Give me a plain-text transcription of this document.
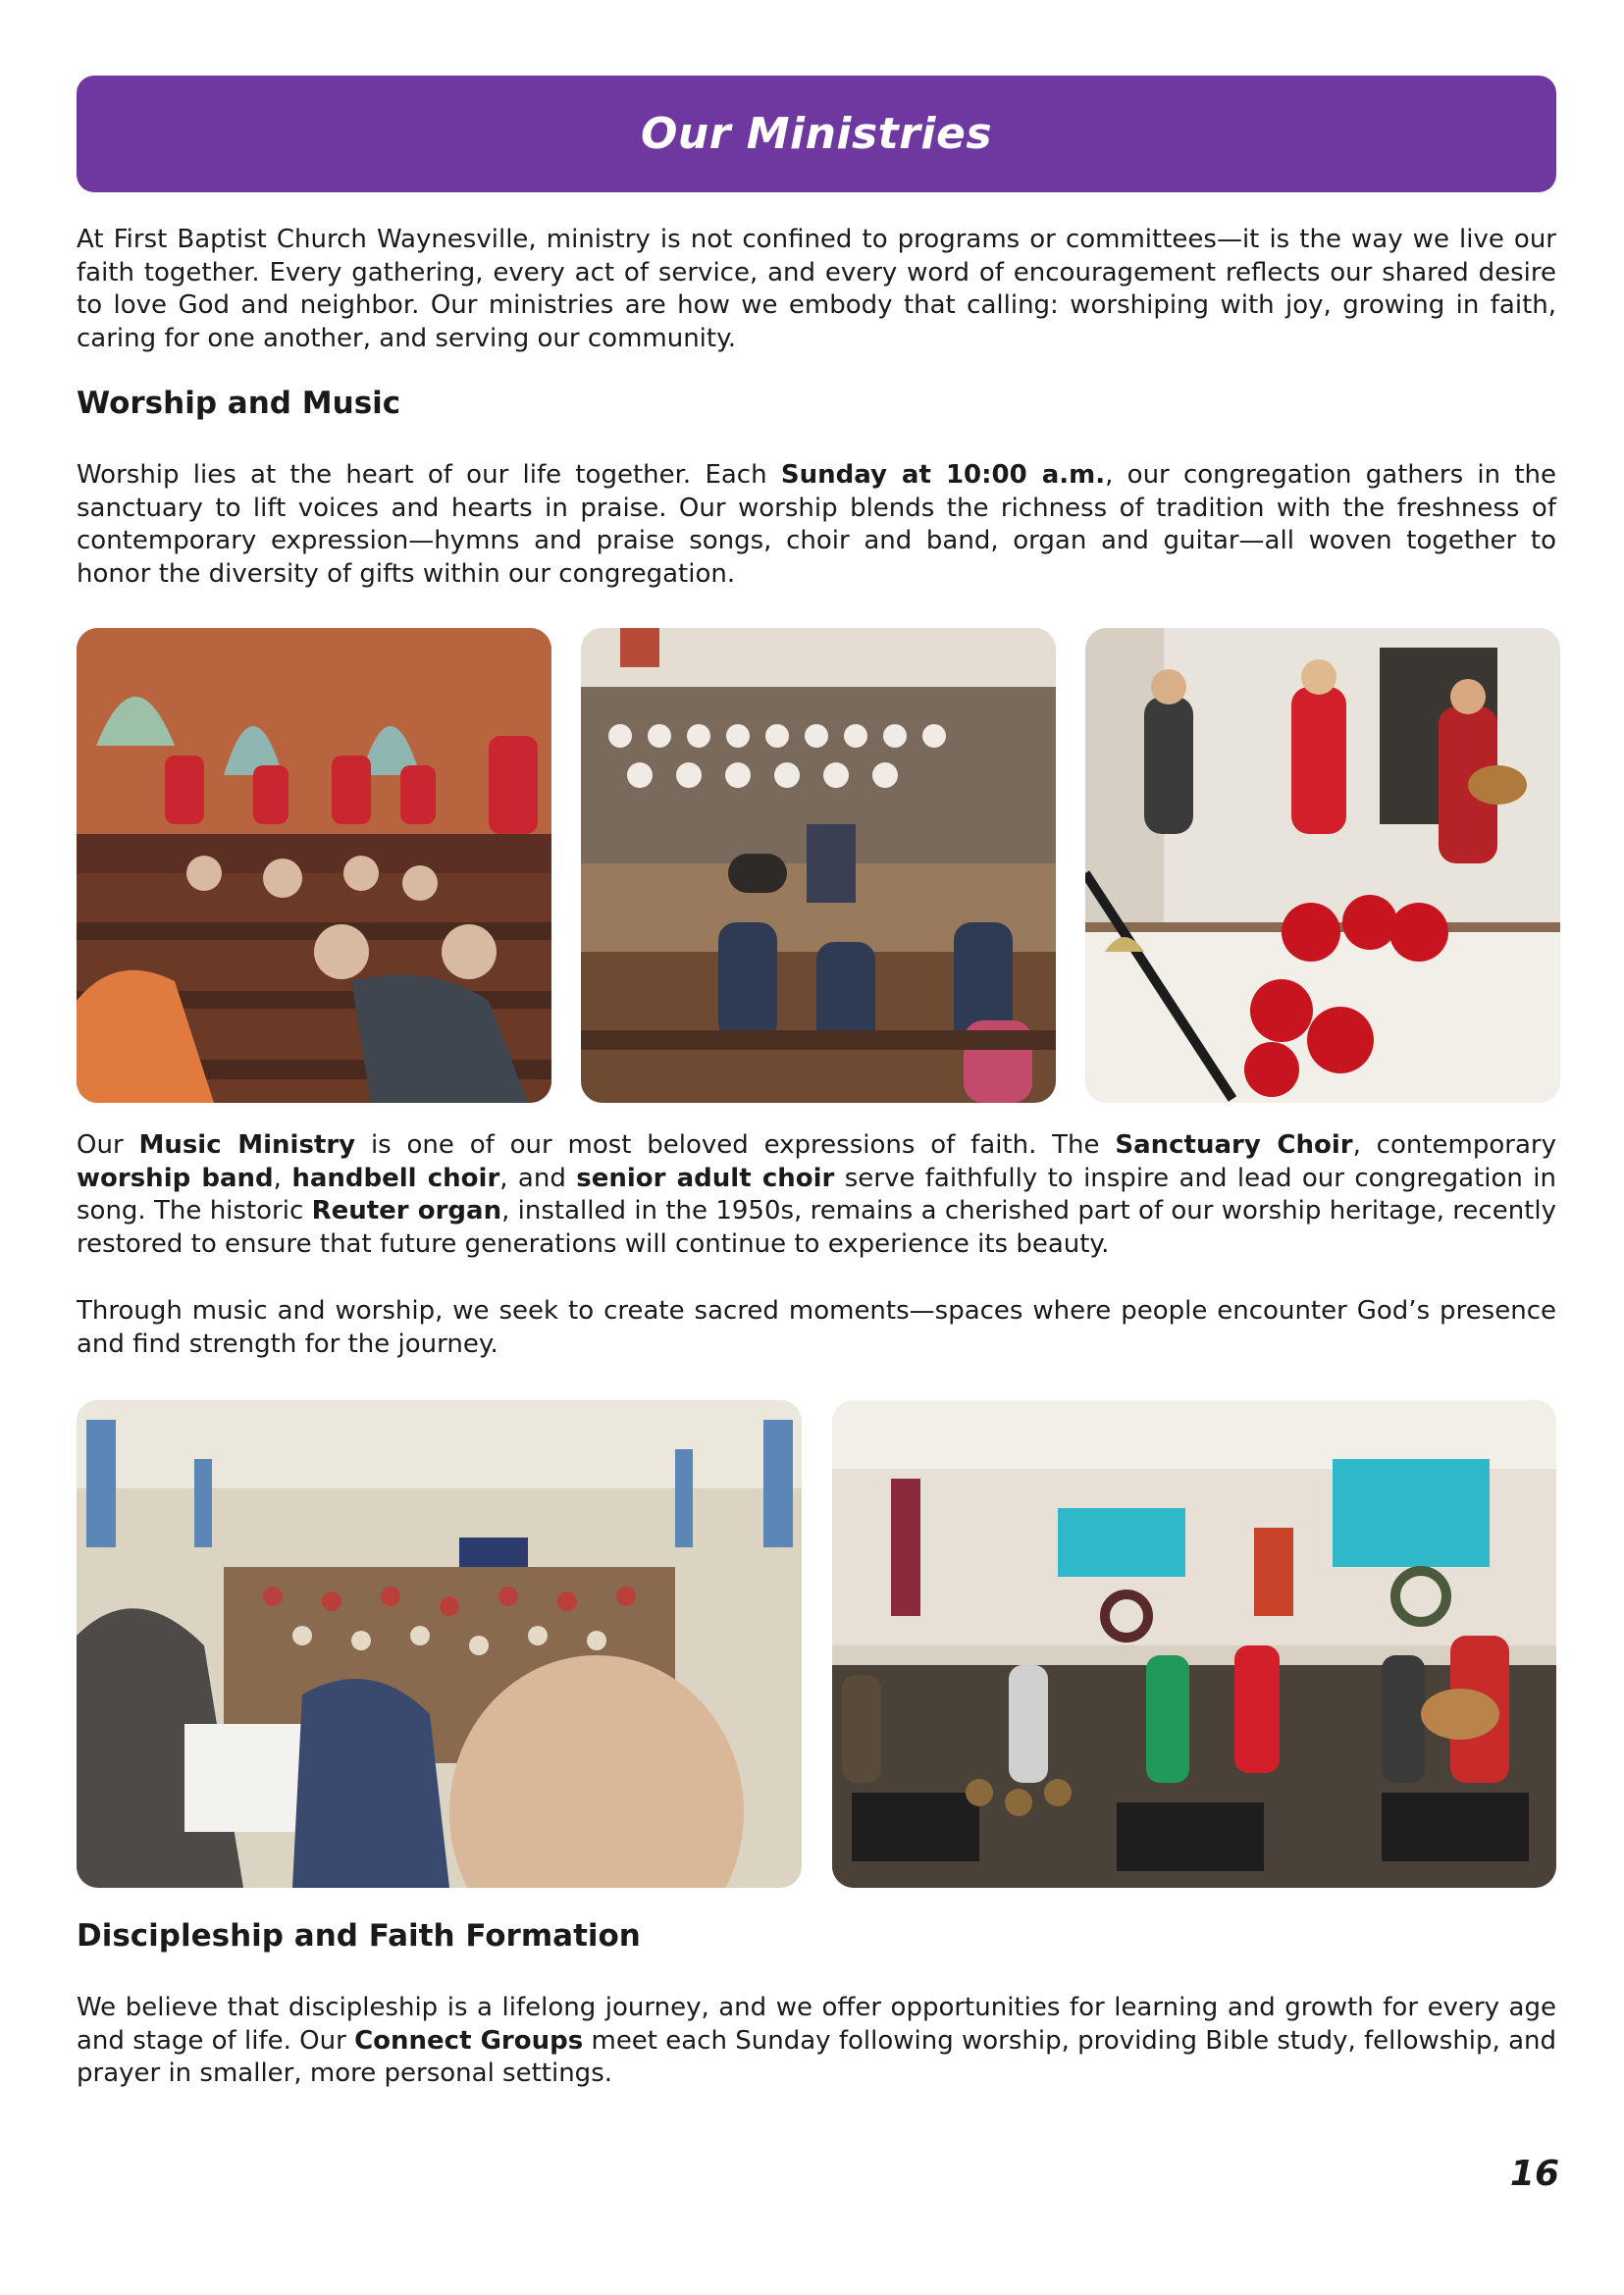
Our Ministries

At First Baptist Church Waynesville, ministry is not confined to programs or committees—it is the way we live our faith together. Every gathering, every act of service, and every word of encouragement reflects our shared desire to love God and neighbor. Our ministries are how we embody that calling: worshiping with joy, growing in faith, caring for one another, and serving our community.

Worship and Music

Worship lies at the heart of our life together. Each Sunday at 10:00 a.m., our congregation gathers in the sanctuary to lift voices and hearts in praise. Our worship blends the richness of tradition with the freshness of contemporary expression—hymns and praise songs, choir and band, organ and guitar—all woven together to honor the diversity of gifts within our congregation.

Our Music Ministry is one of our most beloved expressions of faith. The Sanctuary Choir, contemporary worship band, handbell choir, and senior adult choir serve faithfully to inspire and lead our congregation in song. The historic Reuter organ, installed in the 1950s, remains a cherished part of our worship heritage, recently restored to ensure that future generations will continue to experience its beauty.

Through music and worship, we seek to create sacred moments—spaces where people encounter God’s presence and find strength for the journey.

Discipleship and Faith Formation

We believe that discipleship is a lifelong journey, and we offer opportunities for learning and growth for every age and stage of life. Our Connect Groups meet each Sunday following worship, providing Bible study, fellowship, and prayer in smaller, more personal settings.

16
